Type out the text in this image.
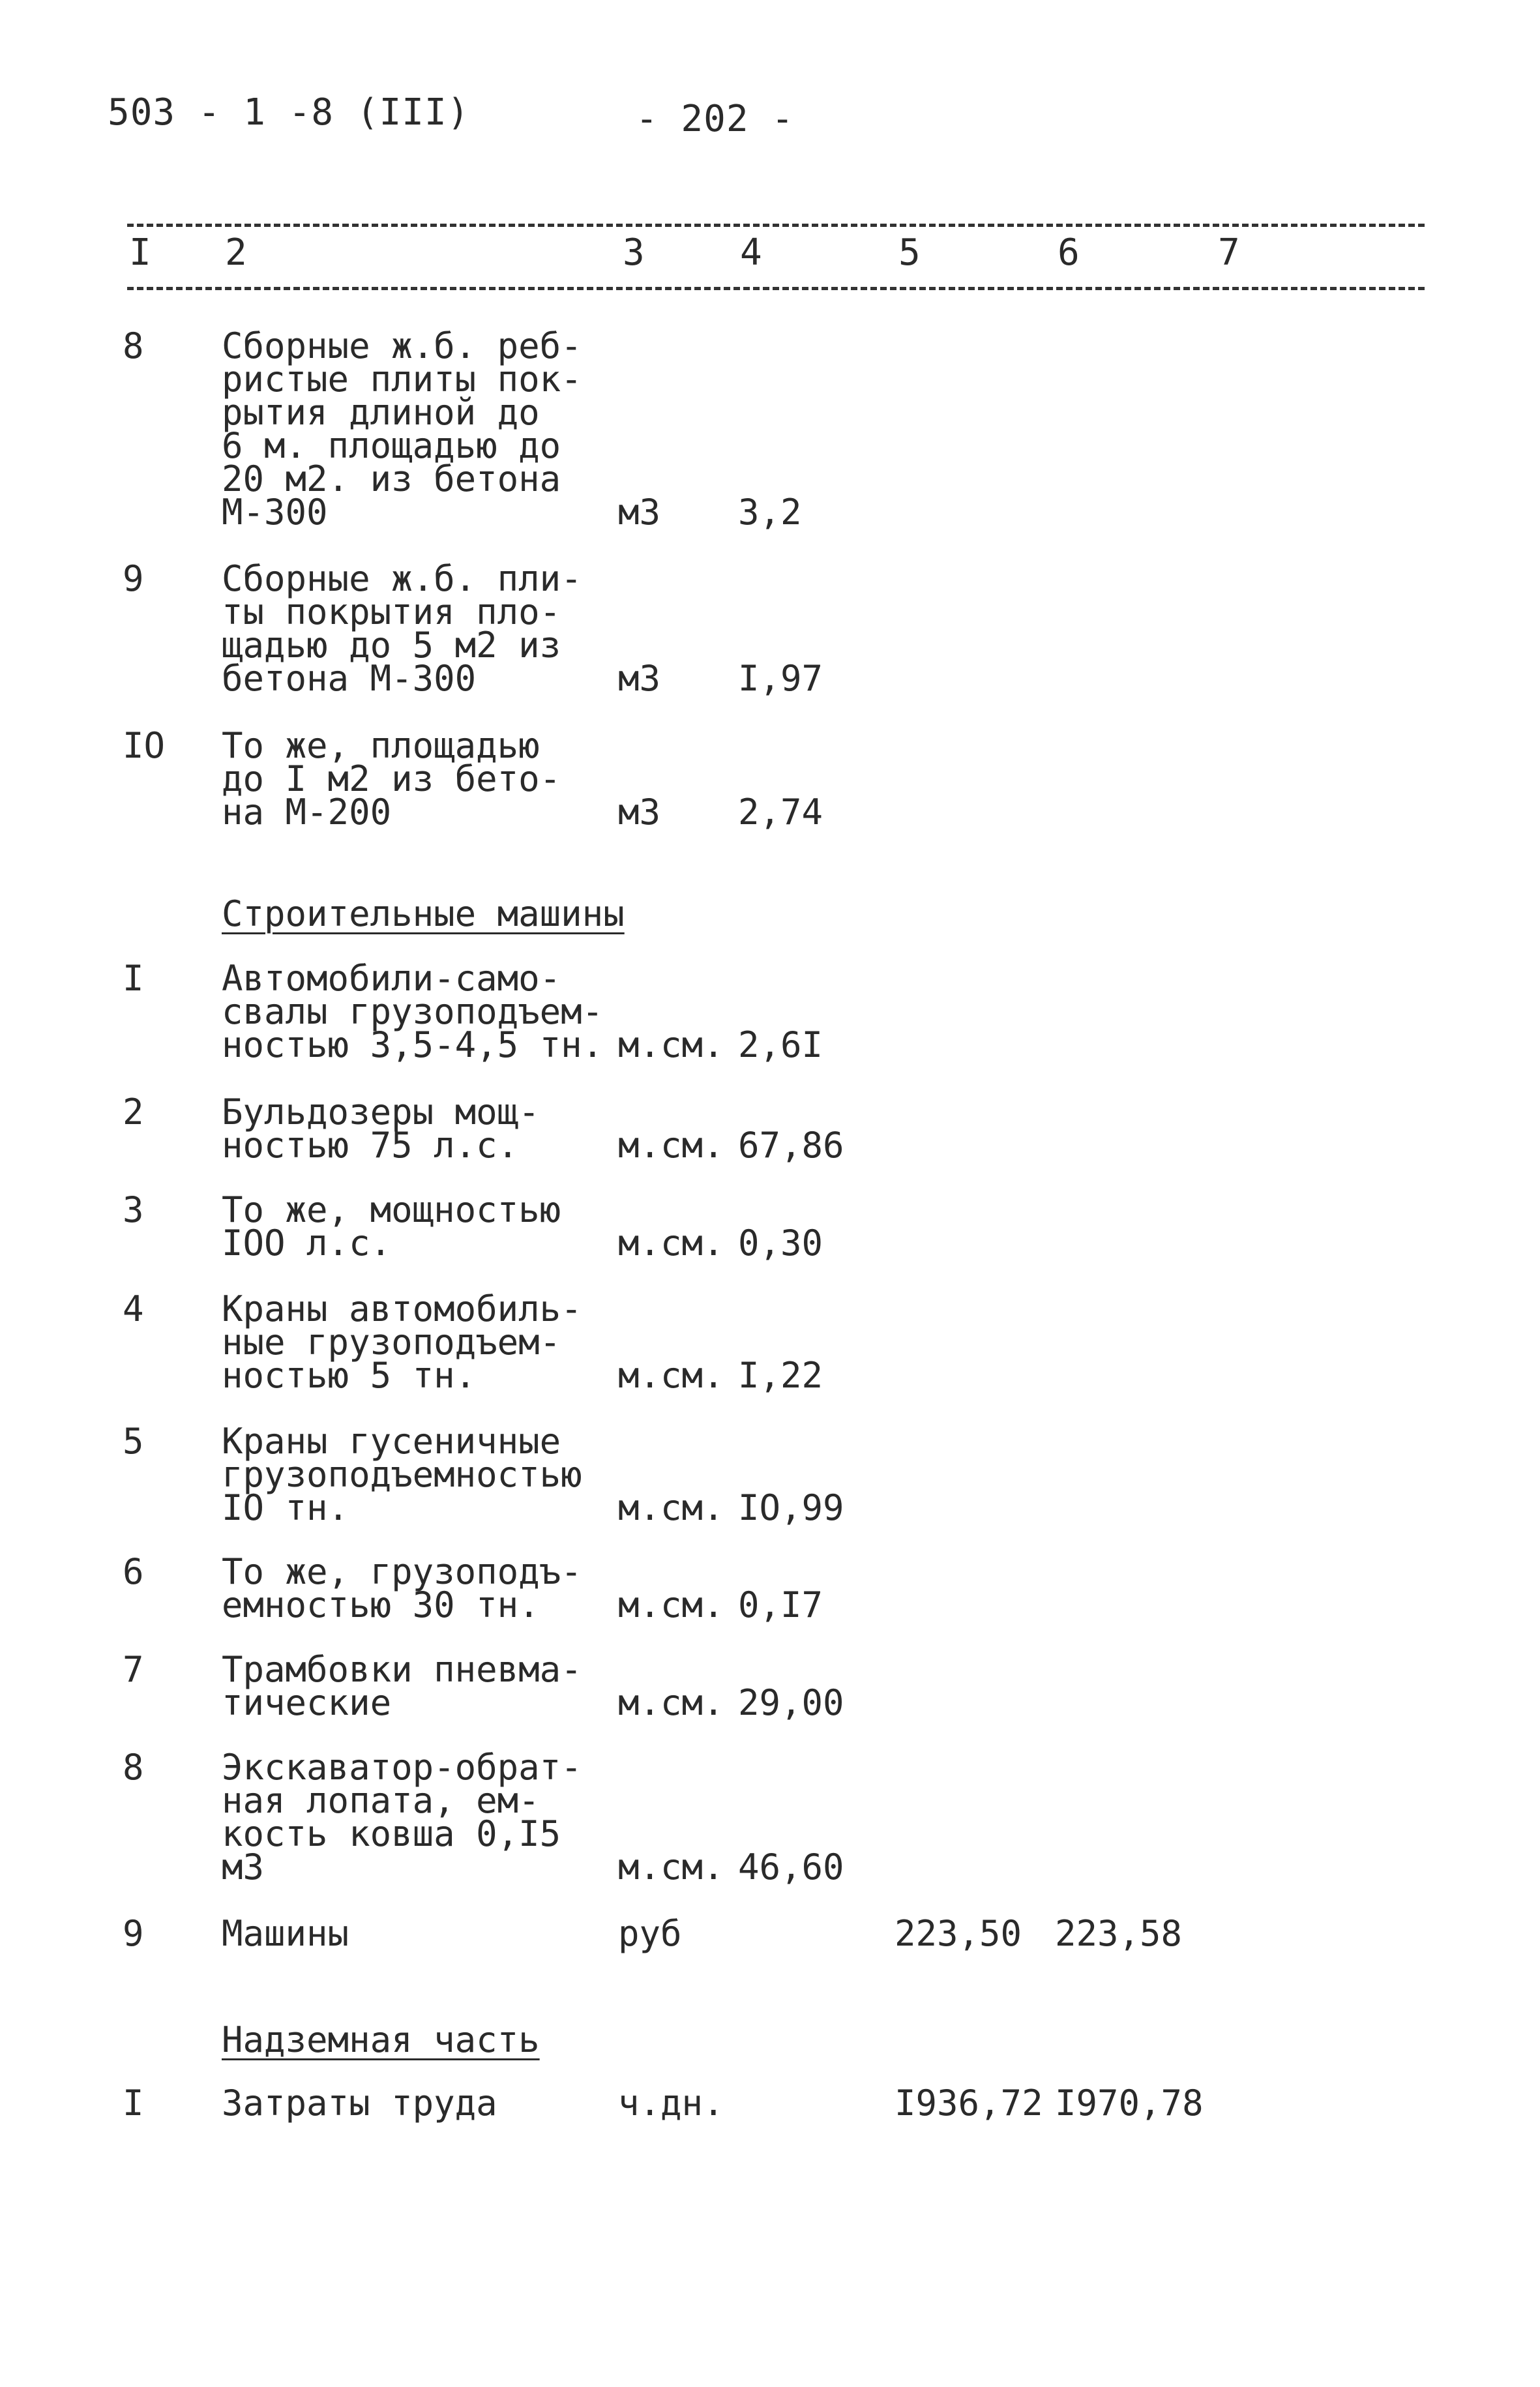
503 - 1 -8 (III)	- 202 -
I 2	3	4	5	6	7
8 Сборные ж.б. реб-
ристые плиты пок-
рытия длиной до
6 м. площадью до
20 м2. из бетона
М-300	м3 3,2
9 Сборные ж.б. пли-
ты покрытия пло-
щадью до 5 м2 из
бетона М-300	м3 I,97
IO То же, площадью
до I м2 из бето-
на М-200	м3 2,74
Строительные машины
I Автомобили-само-
свалы грузоподъем-
ностью 3,5-4,5 тн. м.см. 2,6I
2 Бульдозеры мощ-
ностью 75 л.с.	м.см. 67,86
3 То же, мощностью
IOO л.с.	м.см. 0,30
4 Краны автомобиль-
ные грузоподъем-
ностью 5 тн.	м.см. I,22
5 Краны гусеничные
грузоподъемностью
IO тн.	м.см. IO,99
6 То же, грузоподъ-
емностью 30 тн.	м.см. 0,I7
7 Трамбовки пневма-
тические	м.см. 29,00
8 Экскаватор-обрат-
ная лопата, ем-
кость ковша 0,I5
м3	м.см. 46,60
9 Машины	руб	223,50 223,58
Надземная часть
I Затраты труда	ч.дн.	I936,72 I970,78
